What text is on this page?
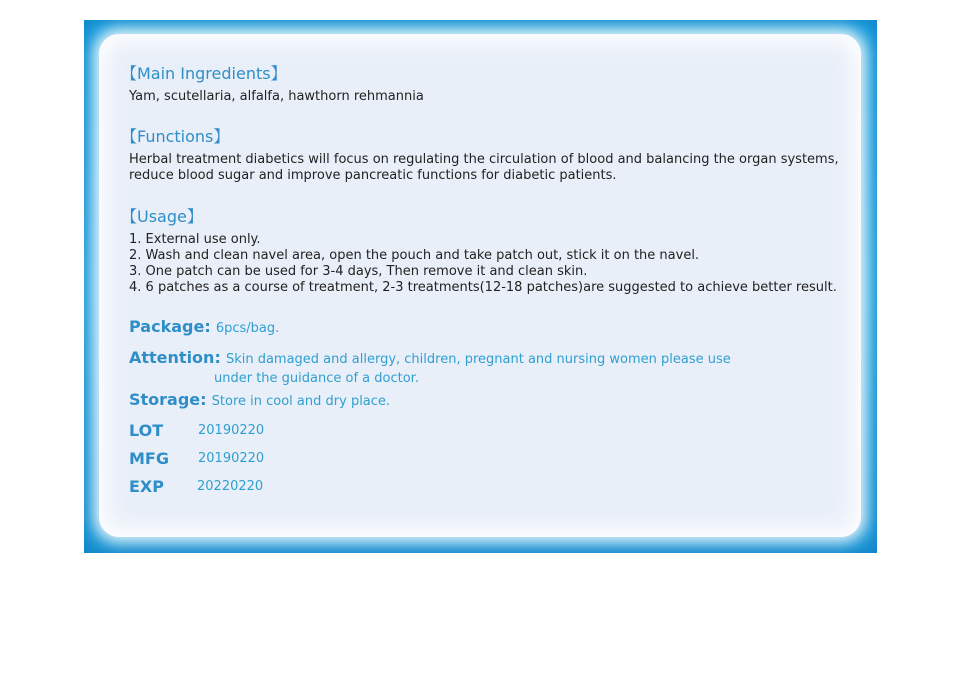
【Main Ingredients】
Yam, scutellaria, alfalfa, hawthorn rehmannia
【Functions】
Herbal treatment diabetics will focus on regulating the circulation of blood and balancing the organ systems,
reduce blood sugar and improve pancreatic functions for diabetic patients.
【Usage】
1. External use only.
2. Wash and clean navel area, open the pouch and take patch out, stick it on the navel.
3. One patch can be used for 3-4 days, Then remove it and clean skin.
4. 6 patches as a course of treatment, 2-3 treatments(12-18 patches)are suggested to achieve better result.
Package: 6pcs/bag.
Attention: Skin damaged and allergy, children, pregnant and nursing women please use
under the guidance of a doctor.
Storage: Store in cool and dry place.
LOT	20190220
MFG 20190220
EXP	20220220
